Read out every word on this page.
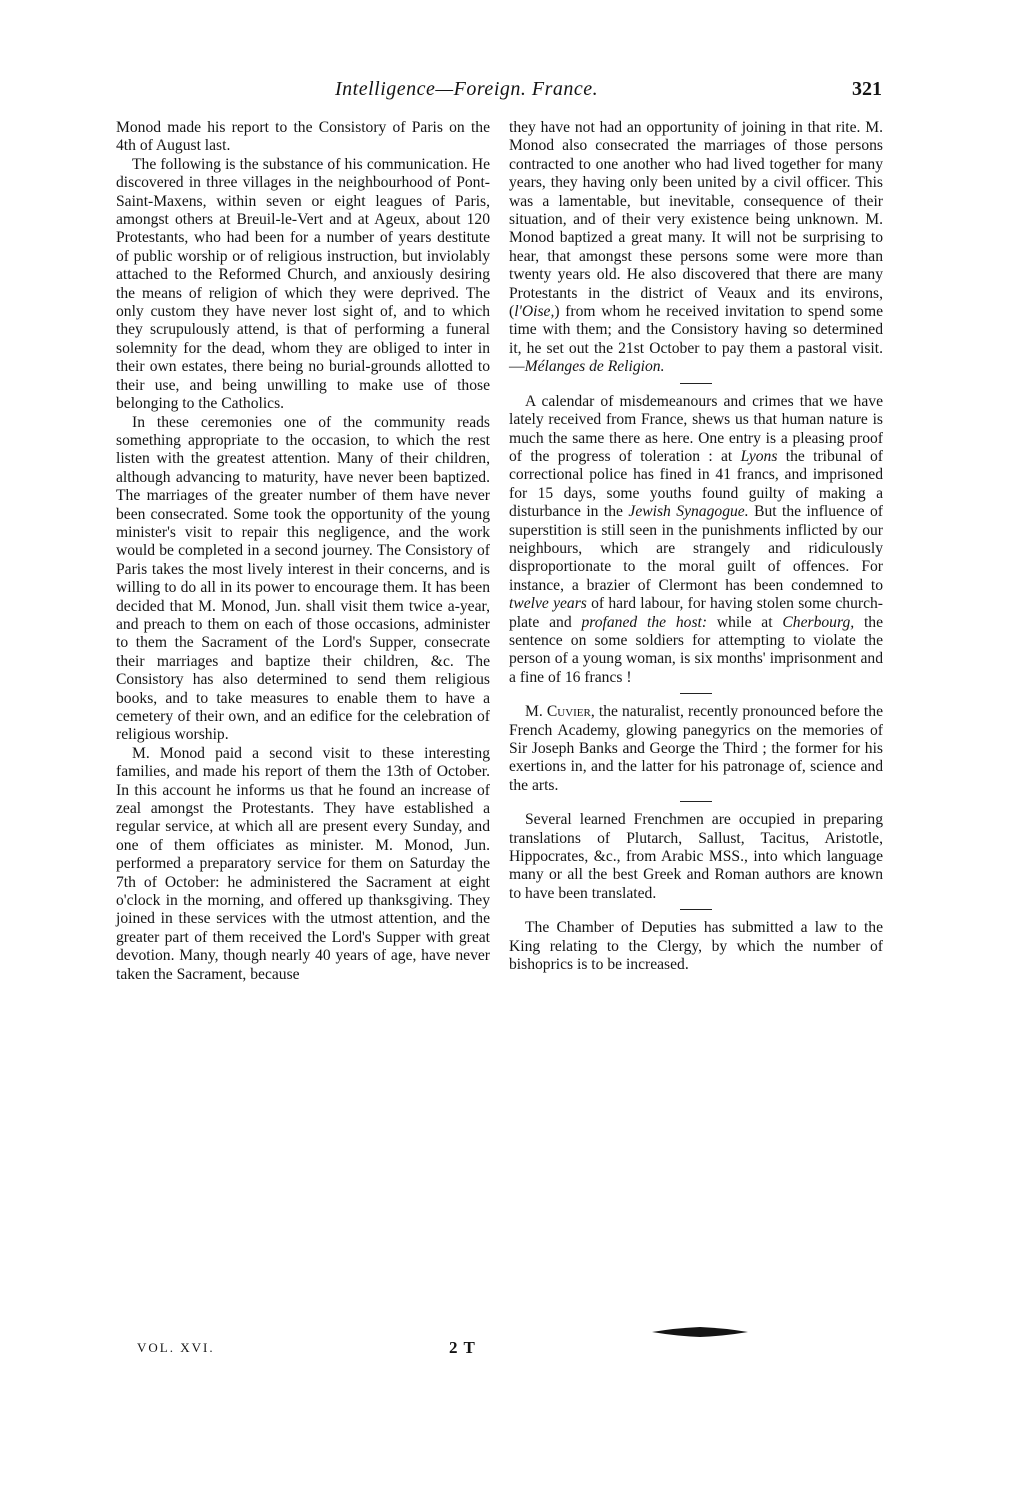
Intelligence—Foreign. France.	321

Monod made his report to the Consistory of Paris on the 4th of August last.

The following is the substance of his communication. He discovered in three villages in the neighbourhood of Pont-Saint-Maxens, within seven or eight leagues of Paris, amongst others at Breuil-le-Vert and at Ageux, about 120 Protestants, who had been for a number of years destitute of public worship or of religious instruction, but inviolably attached to the Reformed Church, and anxiously desiring the means of religion of which they were deprived. The only custom they have never lost sight of, and to which they scrupulously attend, is that of performing a funeral solemnity for the dead, whom they are obliged to inter in their own estates, there being no burial-grounds allotted to their use, and being unwilling to make use of those belonging to the Catholics.

In these ceremonies one of the community reads something appropriate to the occasion, to which the rest listen with the greatest attention. Many of their children, although advancing to maturity, have never been baptized. The marriages of the greater number of them have never been consecrated. Some took the opportunity of the young minister's visit to repair this negligence, and the work would be completed in a second journey. The Consistory of Paris takes the most lively interest in their concerns, and is willing to do all in its power to encourage them. It has been decided that M. Monod, Jun. shall visit them twice a-year, and preach to them on each of those occasions, administer to them the Sacrament of the Lord's Supper, consecrate their marriages and baptize their children, &c. The Consistory has also determined to send them religious books, and to take measures to enable them to have a cemetery of their own, and an edifice for the celebration of religious worship.

M. Monod paid a second visit to these interesting families, and made his report of them the 13th of October. In this account he informs us that he found an increase of zeal amongst the Protestants. They have established a regular service, at which all are present every Sunday, and one of them officiates as minister. M. Monod, Jun. performed a preparatory service for them on Saturday the 7th of October: he administered the Sacrament at eight o'clock in the morning, and offered up thanksgiving. They joined in these services with the utmost attention, and the greater part of them received the Lord's Supper with great devotion. Many, though nearly 40 years of age, have never taken the Sacrament, because

they have not had an opportunity of joining in that rite. M. Monod also consecrated the marriages of those persons contracted to one another who had lived together for many years, they having only been united by a civil officer. This was a lamentable, but inevitable, consequence of their situation, and of their very existence being unknown. M. Monod baptized a great many. It will not be surprising to hear, that amongst these persons some were more than twenty years old. He also discovered that there are many Protestants in the district of Veaux and its environs, (l'Oise,) from whom he received invitation to spend some time with them; and the Consistory having so determined it, he set out the 21st October to pay them a pastoral visit.—Mélanges de Religion.

A calendar of misdemeanours and crimes that we have lately received from France, shews us that human nature is much the same there as here. One entry is a pleasing proof of the progress of toleration : at Lyons the tribunal of correctional police has fined in 41 francs, and imprisoned for 15 days, some youths found guilty of making a disturbance in the Jewish Synagogue. But the influence of superstition is still seen in the punishments inflicted by our neighbours, which are strangely and ridiculously disproportionate to the moral guilt of offences. For instance, a brazier of Clermont has been condemned to twelve years of hard labour, for having stolen some church-plate and profaned the host: while at Cherbourg, the sentence on some soldiers for attempting to violate the person of a young woman, is six months' imprisonment and a fine of 16 francs !

M. Cuvier, the naturalist, recently pronounced before the French Academy, glowing panegyrics on the memories of Sir Joseph Banks and George the Third ; the former for his exertions in, and the latter for his patronage of, science and the arts.

Several learned Frenchmen are occupied in preparing translations of Plutarch, Sallust, Tacitus, Aristotle, Hippocrates, &c., from Arabic MSS., into which language many or all the best Greek and Roman authors are known to have been translated.

The Chamber of Deputies has submitted a law to the King relating to the Clergy, by which the number of bishoprics is to be increased.

VOL. XVI.	2 T
